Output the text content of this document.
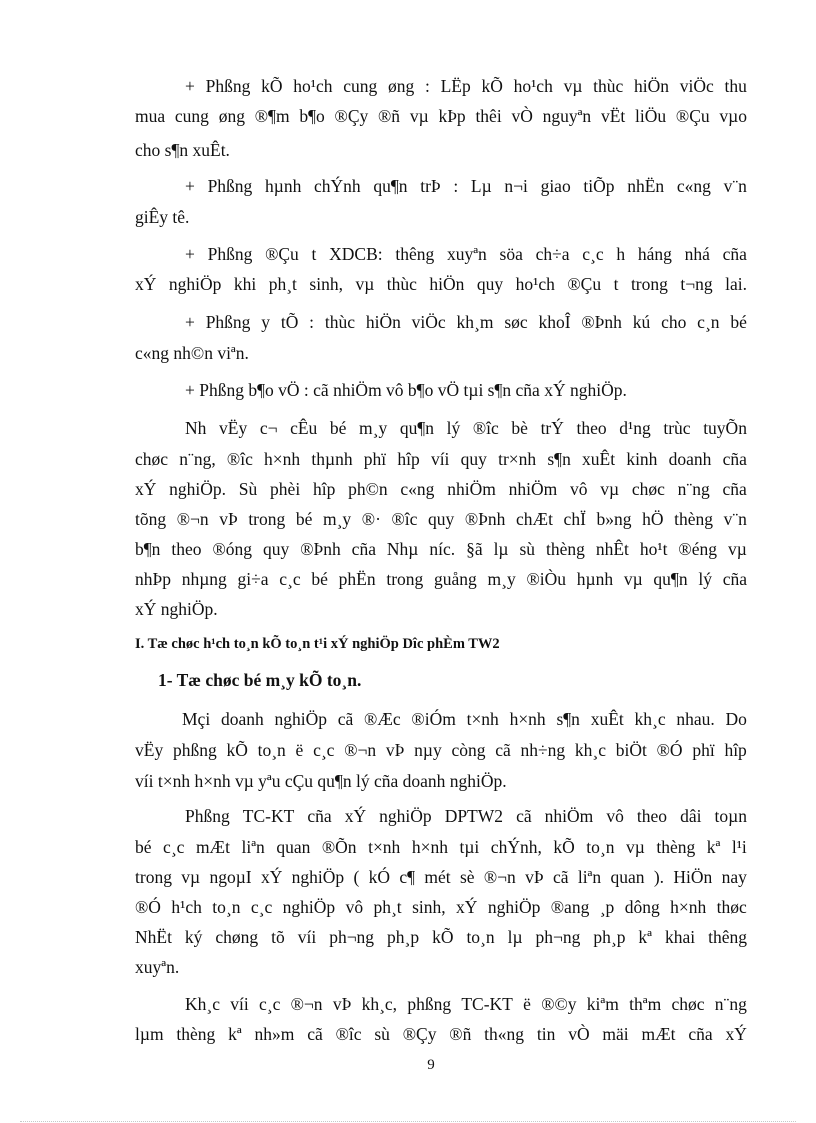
+ Phßng kÕ ho¹ch cung øng : LËp kÕ ho¹ch vµ thùc hiÖn viÖc thu
mua cung øng ®¶m b¶o ®Çy ®ñ vµ kÞp thêi vÒ nguyªn vËt liÖu ®Çu vµo
cho s¶n xuÊt.
+ Phßng hµnh chÝnh qu¶n trÞ : Lµ n¬i giao tiÕp nhËn c«ng v¨n
giÊy tê.
+ Phßng ®Çu t XDCB: thêng xuyªn söa ch÷a c¸c h háng nhá cña
xÝ nghiÖp khi ph¸t sinh, vµ thùc hiÖn quy ho¹ch ®Çu t trong t¬ng lai.
+ Phßng y tÕ : thùc hiÖn viÖc kh¸m søc khoÎ ®Þnh kú cho c¸n bé
c«ng nh©n viªn.
+ Phßng b¶o vÖ : cã nhiÖm vô b¶o vÖ tµi s¶n cña xÝ nghiÖp.
Nh vËy c¬ cÊu bé m¸y qu¶n lý ®îc bè trÝ theo d¹ng trùc tuyÕn
chøc n¨ng, ®îc h×nh thµnh phï hîp víi quy tr×nh s¶n xuÊt kinh doanh cña
xÝ nghiÖp. Sù phèi hîp ph©n c«ng nhiÖm nhiÖm vô vµ chøc n¨ng cña
tõng ®¬n vÞ trong bé m¸y ®· ®îc quy ®Þnh chÆt chÏ b»ng hÖ thèng v¨n
b¶n theo ®óng quy ®Þnh cña Nhµ níc. §ã lµ sù thèng nhÊt ho¹t ®éng vµ
nhÞp nhµng gi÷a c¸c bé phËn trong guång m¸y ®iÒu hµnh vµ qu¶n lý cña
xÝ nghiÖp.
I. Tæ chøc h¹ch to¸n kÕ to¸n t¹i xÝ nghiÖp Dîc phÈm TW2
1- Tæ chøc bé m¸y kÕ to¸n.
Mçi doanh nghiÖp cã ®Æc ®iÓm t×nh h×nh s¶n xuÊt kh¸c nhau. Do
vËy phßng kÕ to¸n ë c¸c ®¬n vÞ nµy còng cã nh÷ng kh¸c biÖt ®Ó phï hîp
víi t×nh h×nh vµ yªu cÇu qu¶n lý cña doanh nghiÖp.
Phßng TC-KT cña xÝ nghiÖp DPTW2 cã nhiÖm vô theo dâi toµn
bé c¸c mÆt liªn quan ®Õn t×nh h×nh tµi chÝnh, kÕ to¸n vµ thèng kª l¹i
trong vµ ngoµI xÝ nghiÖp ( kÓ c¶ mét sè ®¬n vÞ cã liªn quan ). HiÖn nay
®Ó h¹ch to¸n c¸c nghiÖp vô ph¸t sinh, xÝ nghiÖp ®ang ¸p dông h×nh thøc
NhËt ký chøng tõ víi ph¬ng ph¸p kÕ to¸n lµ ph¬ng ph¸p kª khai thêng
xuyªn.
Kh¸c víi c¸c ®¬n vÞ kh¸c, phßng TC-KT ë ®©y kiªm thªm chøc n¨ng
lµm thèng kª nh»m cã ®îc sù ®Çy ®ñ th«ng tin vÒ mäi mÆt cña xÝ
9
